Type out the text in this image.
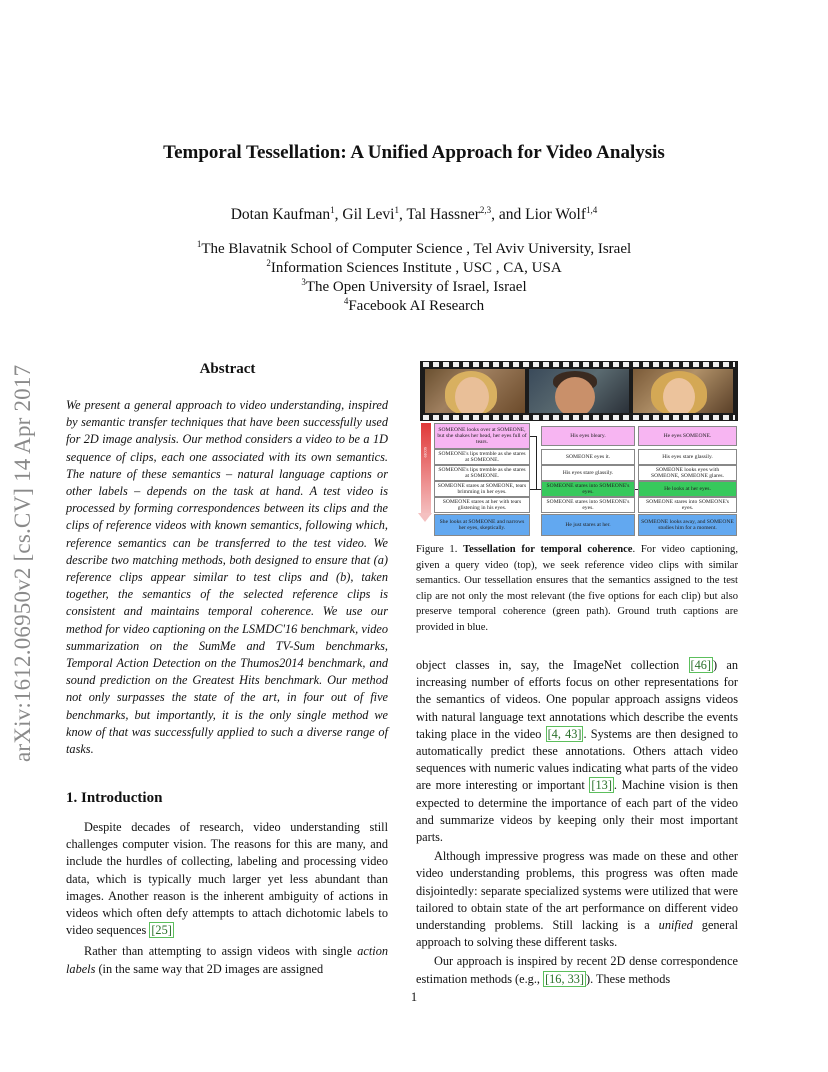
arXiv:1612.06950v2 [cs.CV] 14 Apr 2017
Temporal Tessellation: A Unified Approach for Video Analysis
Dotan Kaufman$^1$, Gil Levi$^1$, Tal Hassner$^{2,3}$, and Lior Wolf$^{1,4}$
$^1$The Blavatnik School of Computer Science , Tel Aviv University, Israel
$^2$Information Sciences Institute , USC , CA, USA
$^3$The Open University of Israel, Israel
$^4$Facebook AI Research
Abstract
We present a general approach to video understanding, inspired by semantic transfer techniques that have been successfully used for 2D image analysis. Our method considers a video to be a 1D sequence of clips, each one associated with its own semantics. The nature of these semantics – natural language captions or other labels – depends on the task at hand. A test video is processed by forming correspondences between its clips and the clips of reference videos with known semantics, following which, reference semantics can be transferred to the test video. We describe two matching methods, both designed to ensure that (a) reference clips appear similar to test clips and (b), taken together, the semantics of the selected reference clips is consistent and maintains temporal coherence. We use our method for video captioning on the LSMDC'16 benchmark, video summarization on the SumMe and TV-Sum benchmarks, Temporal Action Detection on the Thumos2014 benchmark, and sound prediction on the Greatest Hits benchmark. Our method not only surpasses the state of the art, in four out of five benchmarks, but importantly, it is the only single method we know of that was successfully applied to such a diverse range of tasks.
1. Introduction

Despite decades of research, video understanding still challenges computer vision. The reasons for this are many, and include the hurdles of collecting, labeling and processing video data, which is typically much larger yet less abundant than images. Another reason is the inherent ambiguity of actions in videos which often defy attempts to attach dichotomic labels to video sequences [25]

Rather than attempting to assign videos with single action labels (in the same way that 2D images are assigned

score
SOMEONE looks over at SOMEONE, but she shakes her head, her eyes full of tears.
SOMEONE's lips tremble as she stares at SOMEONE.
SOMEONE's lips tremble as she stares at SOMEONE.
SOMEONE stares at SOMEONE, tears brimming in her eyes.
SOMEONE stares at her with tears glistening in his eyes.
She looks at SOMEONE and narrows her eyes, skeptically.
His eyes bleary.
SOMEONE eyes it.
His eyes stare glassily.
SOMEONE stares into SOMEONE's eyes.
SOMEONE stares into SOMEONE's eyes.
He just stares at her.
He eyes SOMEONE.
His eyes stare glassily.
SOMEONE looks eyes with SOMEONE, SOMEONE glares.
He looks at her eyes.
SOMEONE stares into SOMEONE's eyes.
SOMEONE looks away, and SOMEONE studies him for a moment.
Figure 1. Tessellation for temporal coherence. For video captioning, given a query video (top), we seek reference video clips with similar semantics. Our tessellation ensures that the semantics assigned to the test clip are not only the most relevant (the five options for each clip) but also preserve temporal coherence (green path). Ground truth captions are provided in blue.

object classes in, say, the ImageNet collection [46] ) an increasing number of efforts focus on other representations for the semantics of videos. One popular approach assigns videos with natural language text annotations which describe the events taking place in the video [4, 43] . Systems are then designed to automatically predict these annotations. Others attach video sequences with numeric values indicating what parts of the video are more interesting or important [13] . Machine vision is then expected to determine the importance of each part of the video and summarize videos by keeping only their most important parts.

Although impressive progress was made on these and other video understanding problems, this progress was often made disjointedly: separate specialized systems were utilized that were tailored to obtain state of the art performance on different video understanding problems. Still lacking is a unified general approach to solving these different tasks.

Our approach is inspired by recent 2D dense correspondence estimation methods (e.g., [16, 33] ). These methods

1
